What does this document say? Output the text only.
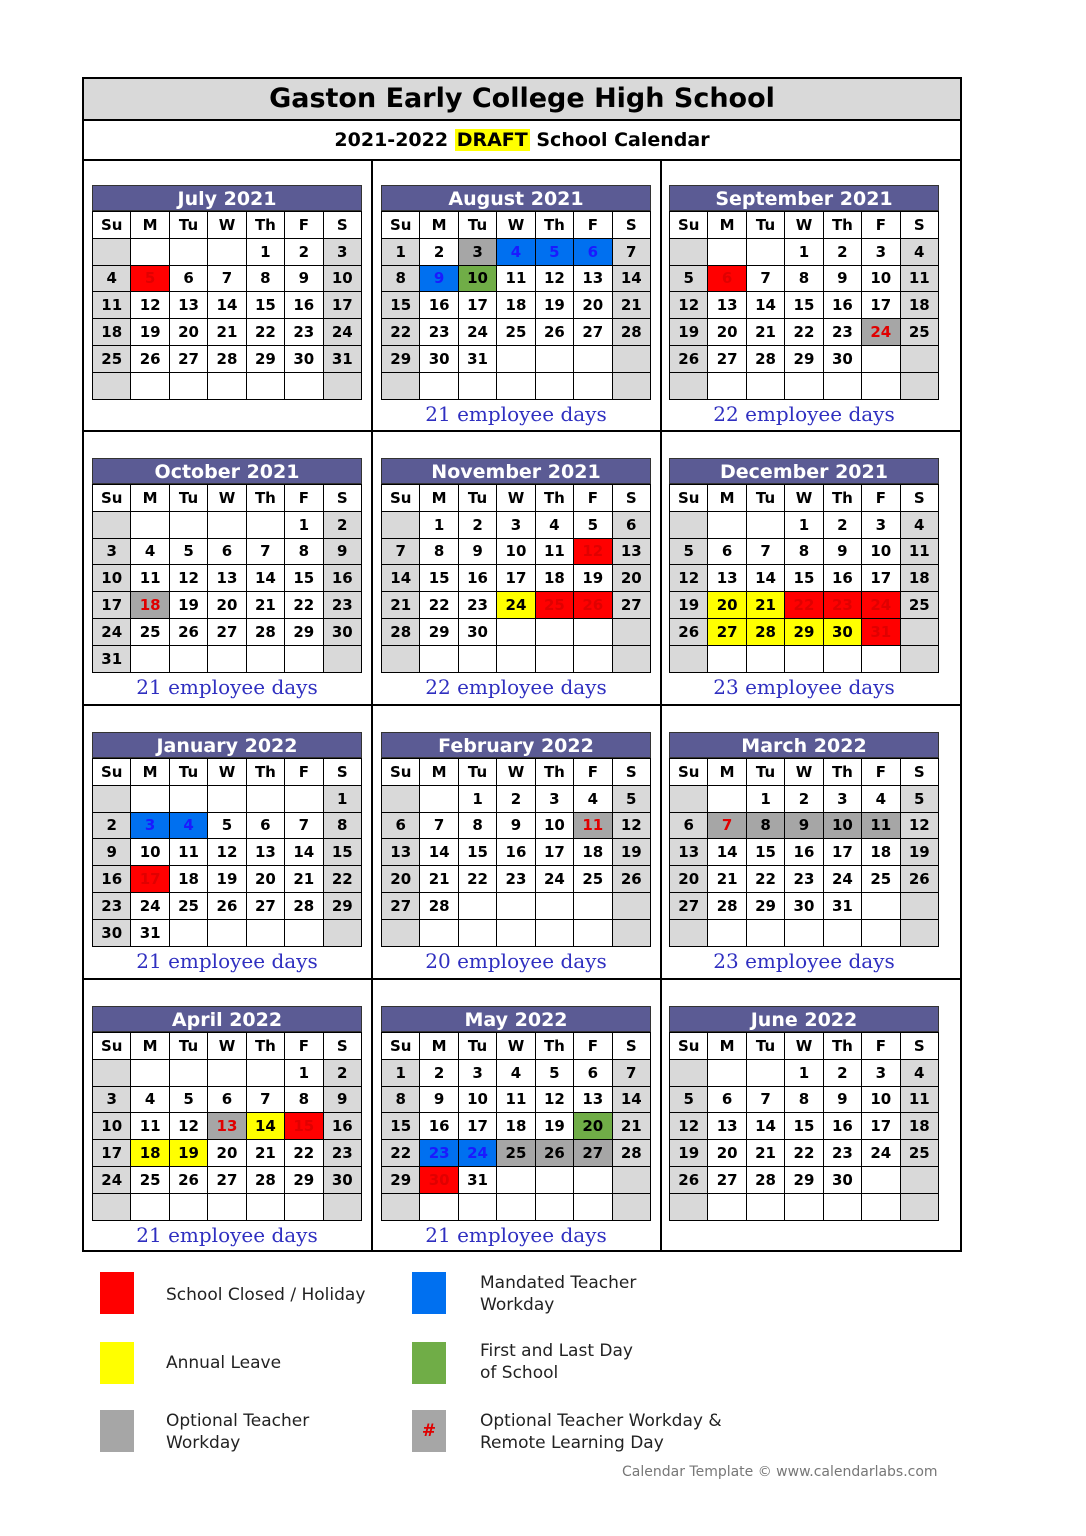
Gaston Early College High School
2021-2022 DRAFT School Calendar
July 2021
Su	M	Tu	W	Th	F	S
				1	2	3
4	5	6	7	8	9	10
11	12	13	14	15	16	17
18	19	20	21	22	23	24
25	26	27	28	29	30	31

August 2021
Su	M	Tu	W	Th	F	S
1	2	3	4	5	6	7
8	9	10	11	12	13	14
15	16	17	18	19	20	21
22	23	24	25	26	27	28
29	30	31				

21 employee days
September 2021
Su	M	Tu	W	Th	F	S
			1	2	3	4
5	6	7	8	9	10	11
12	13	14	15	16	17	18
19	20	21	22	23	24	25
26	27	28	29	30		

22 employee days
October 2021
Su	M	Tu	W	Th	F	S
					1	2
3	4	5	6	7	8	9
10	11	12	13	14	15	16
17	18	19	20	21	22	23
24	25	26	27	28	29	30
31						
21 employee days
November 2021
Su	M	Tu	W	Th	F	S
	1	2	3	4	5	6
7	8	9	10	11	12	13
14	15	16	17	18	19	20
21	22	23	24	25	26	27
28	29	30				

22 employee days
December 2021
Su	M	Tu	W	Th	F	S
			1	2	3	4
5	6	7	8	9	10	11
12	13	14	15	16	17	18
19	20	21	22	23	24	25
26	27	28	29	30	31	

23 employee days
January 2022
Su	M	Tu	W	Th	F	S
						1
2	3	4	5	6	7	8
9	10	11	12	13	14	15
16	17	18	19	20	21	22
23	24	25	26	27	28	29
30	31					
21 employee days
February 2022
Su	M	Tu	W	Th	F	S
		1	2	3	4	5
6	7	8	9	10	11	12
13	14	15	16	17	18	19
20	21	22	23	24	25	26
27	28					

20 employee days
March 2022
Su	M	Tu	W	Th	F	S
		1	2	3	4	5
6	7	8	9	10	11	12
13	14	15	16	17	18	19
20	21	22	23	24	25	26
27	28	29	30	31		

23 employee days
April 2022
Su	M	Tu	W	Th	F	S
					1	2
3	4	5	6	7	8	9
10	11	12	13	14	15	16
17	18	19	20	21	22	23
24	25	26	27	28	29	30

21 employee days
May 2022
Su	M	Tu	W	Th	F	S
1	2	3	4	5	6	7
8	9	10	11	12	13	14
15	16	17	18	19	20	21
22	23	24	25	26	27	28
29	30	31				

21 employee days
June 2022
Su	M	Tu	W	Th	F	S
			1	2	3	4
5	6	7	8	9	10	11
12	13	14	15	16	17	18
19	20	21	22	23	24	25
26	27	28	29	30		

School Closed / Holiday
Mandated Teacher Workday
Annual Leave
First and Last Day of School
Optional Teacher Workday
#	Optional Teacher Workday & Remote Learning Day
Calendar Template © www.calendarlabs.com
